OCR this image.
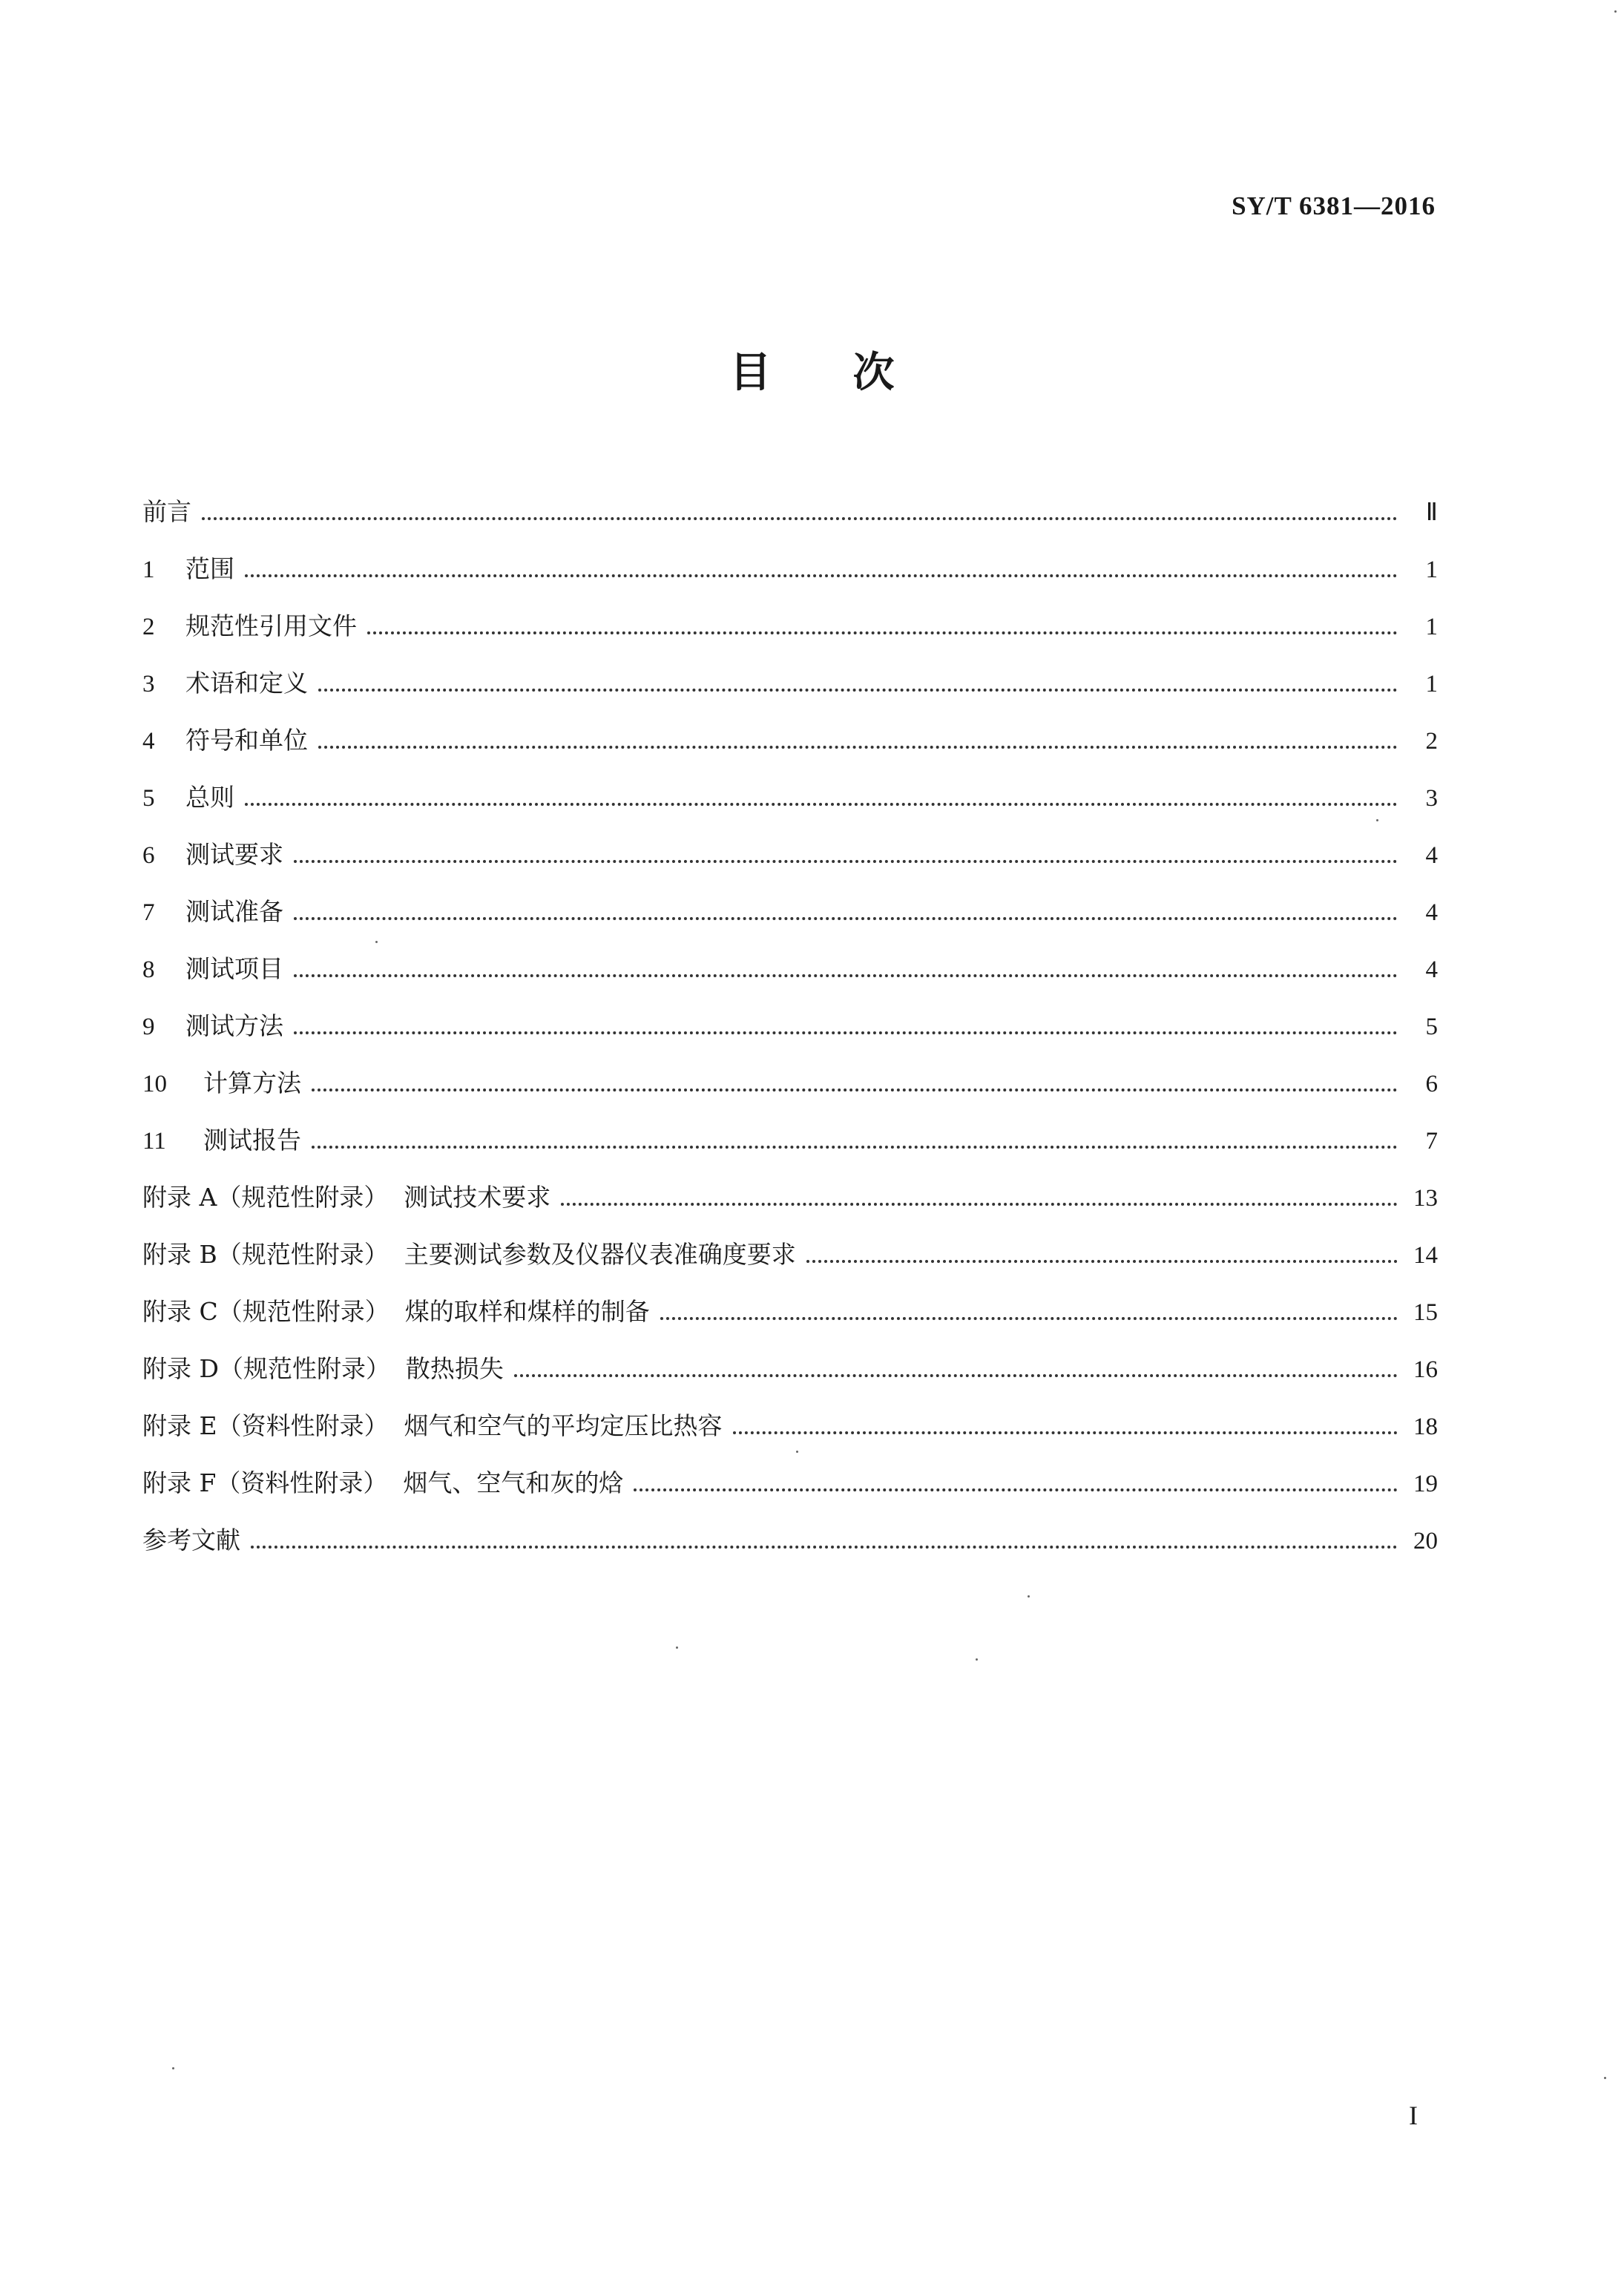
SY/T 6381—2016
目 次
前言	Ⅱ
1 范围	1
2 规范性引用文件	1
3 术语和定义	1
4 符号和单位	2
5 总则	3
6 测试要求	4
7 测试准备	4
8 测试项目	4
9 测试方法	5
10 计算方法	6
11 测试报告	7
附录 A（规范性附录）  测试技术要求	13
附录 B（规范性附录）  主要测试参数及仪器仪表准确度要求	14
附录 C（规范性附录）  煤的取样和煤样的制备	15
附录 D（规范性附录）  散热损失	16
附录 E（资料性附录）  烟气和空气的平均定压比热容	18
附录 F（资料性附录）  烟气、空气和灰的焓	19
参考文献	20
I
